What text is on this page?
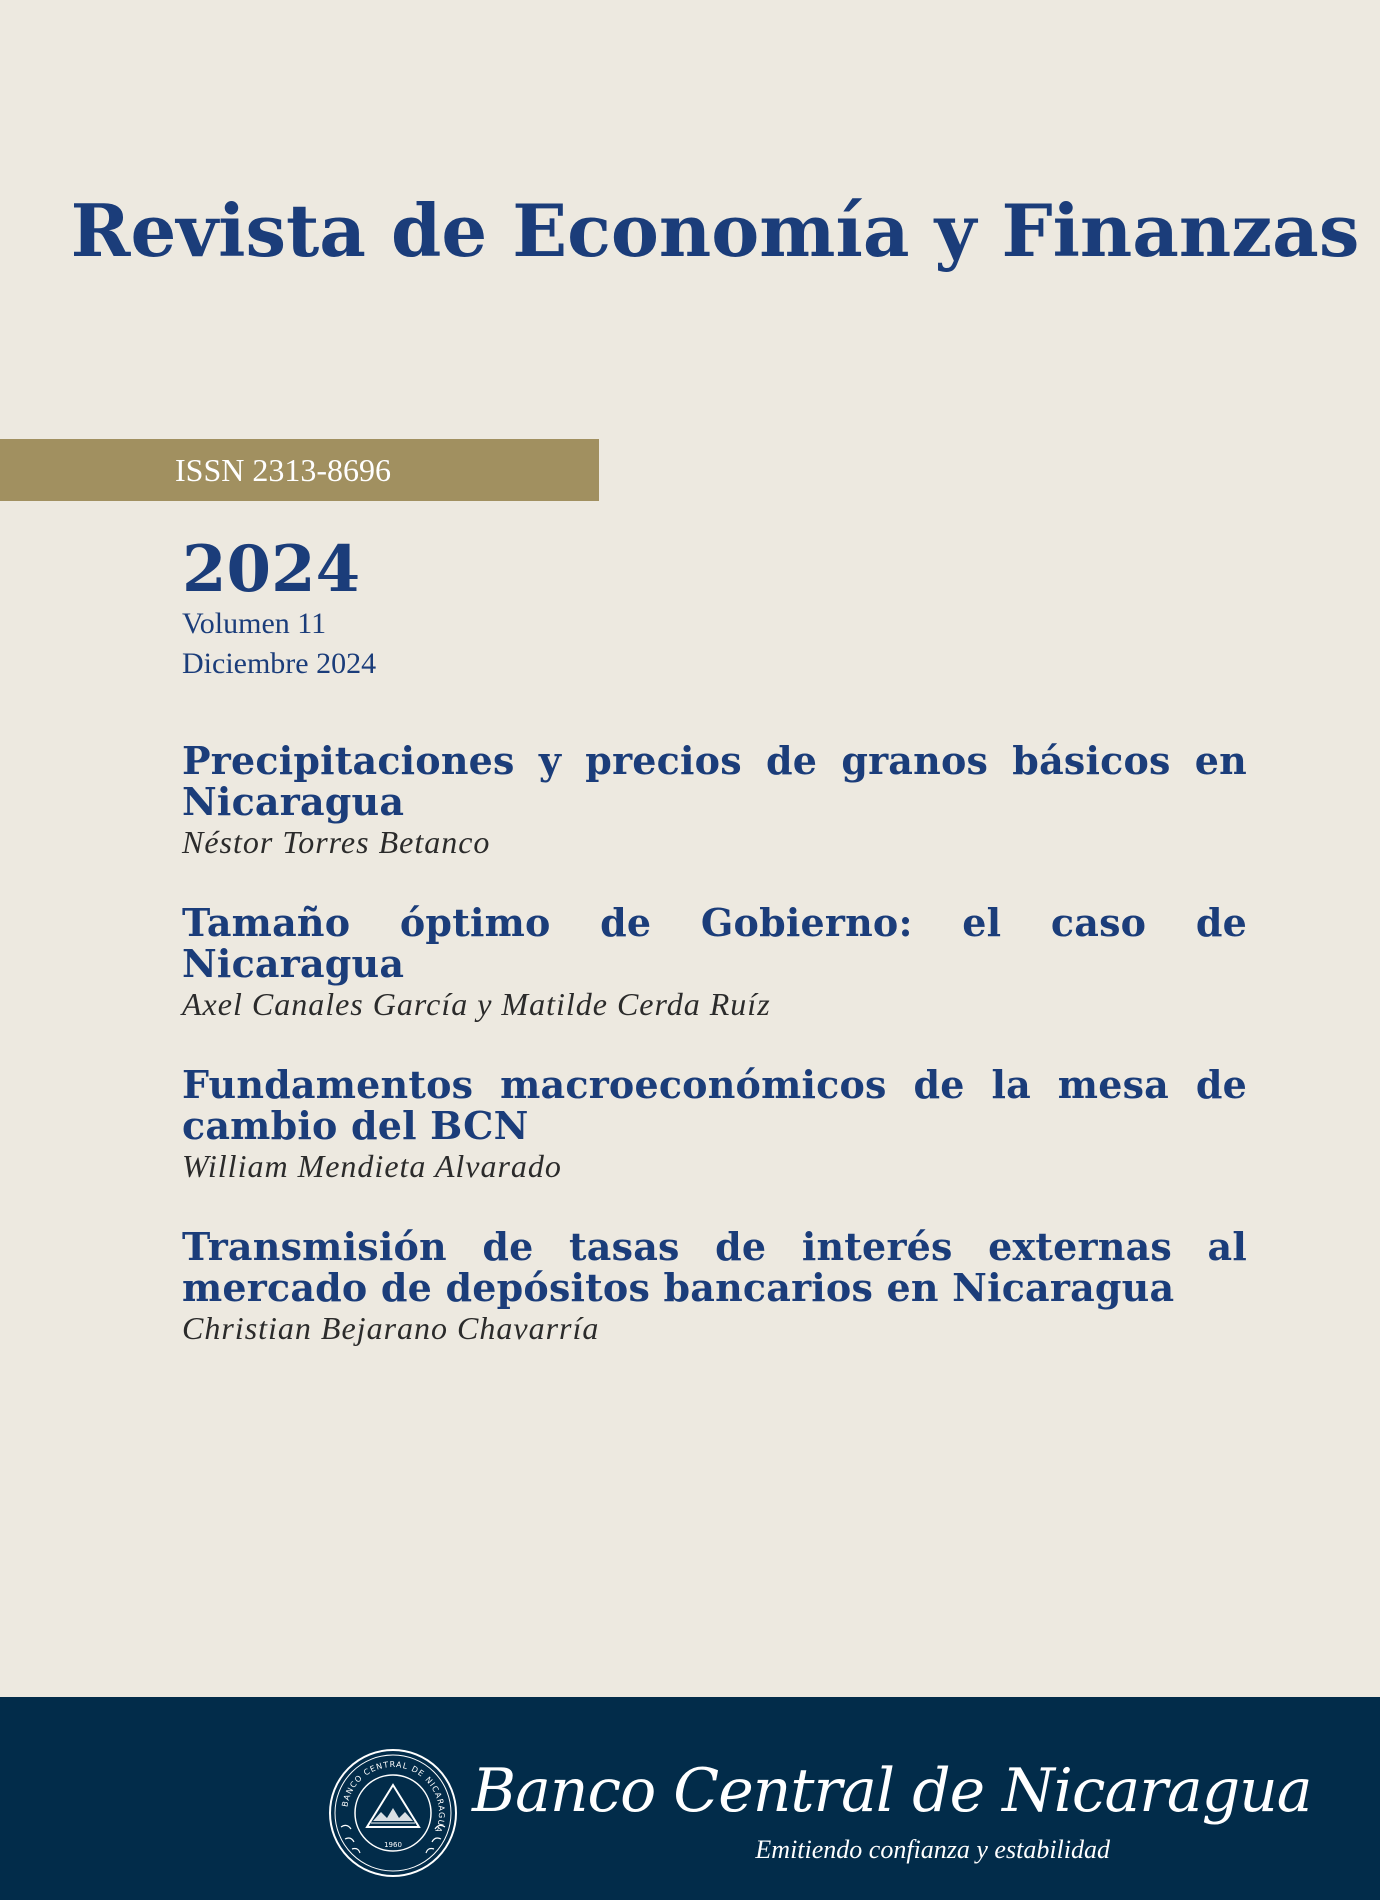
Revista de Economía y Finanzas
ISSN 2313-8696
2024
Volumen 11
Diciembre 2024
Precipitaciones y precios de granos básicos en Nicaragua
Néstor Torres Betanco
Tamaño óptimo de Gobierno: el caso de Nicaragua
Axel Canales García y Matilde Cerda Ruíz
Fundamentos macroeconómicos de la mesa de cambio del BCN
William Mendieta Alvarado
Transmisión de tasas de interés externas al mercado de depósitos bancarios en Nicaragua
Christian Bejarano Chavarría
BANCO CENTRAL DE NICARAGUA
1960
Banco Central de Nicaragua
Emitiendo confianza y estabilidad
